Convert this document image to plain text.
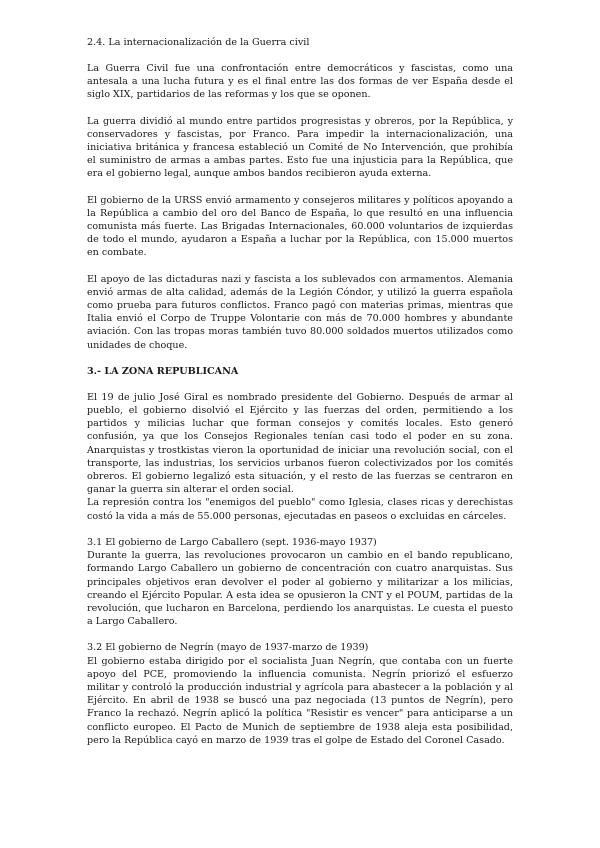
2.4. La internacionalización de la Guerra civil

La Guerra Civil fue una confrontación entre democráticos y fascistas, como una antesala a una lucha futura y es el final entre las dos formas de ver España desde el siglo XIX, partidarios de las reformas y los que se oponen.

La guerra dividió al mundo entre partidos progresistas y obreros, por la República, y conservadores y fascistas, por Franco. Para impedir la internacionalización, una iniciativa británica y francesa estableció un Comité de No Intervención, que prohibía el suministro de armas a ambas partes. Esto fue una injusticia para la República, que era el gobierno legal, aunque ambos bandos recibieron ayuda externa.

El gobierno de la URSS envió armamento y consejeros militares y políticos apoyando a la República a cambio del oro del Banco de España, lo que resultó en una influencia comunista más fuerte. Las Brigadas Internacionales, 60.000 voluntarios de izquierdas de todo el mundo, ayudaron a España a luchar por la República, con 15.000 muertos en combate.

El apoyo de las dictaduras nazi y fascista a los sublevados con armamentos. Alemania envió armas de alta calidad, además de la Legión Cóndor, y utilizó la guerra española como prueba para futuros conflictos. Franco pagó con materias primas, mientras que Italia envió el Corpo de Truppe Volontarie con más de 70.000 hombres y abundante aviación. Con las tropas moras también tuvo 80.000 soldados muertos utilizados como unidades de choque.

3.- LA ZONA REPUBLICANA

El 19 de julio José Giral es nombrado presidente del Gobierno. Después de armar al pueblo, el gobierno disolvió el Ejército y las fuerzas del orden, permitiendo a los partidos y milicias luchar que forman consejos y comités locales. Esto generó confusión, ya que los Consejos Regionales tenían casi todo el poder en su zona. Anarquistas y trostkistas vieron la oportunidad de iniciar una revolución social, con el transporte, las industrias, los servicios urbanos fueron colectivizados por los comités obreros. El gobierno legalizó esta situación, y el resto de las fuerzas se centraron en ganar la guerra sin alterar el orden social.

La represión contra los "enemigos del pueblo" como Iglesia, clases ricas y derechistas costó la vida a más de 55.000 personas, ejecutadas en paseos o excluidas en cárceles.

3.1 El gobierno de Largo Caballero (sept. 1936-mayo 1937)

Durante la guerra, las revoluciones provocaron un cambio en el bando republicano, formando Largo Caballero un gobierno de concentración con cuatro anarquistas. Sus principales objetivos eran devolver el poder al gobierno y militarizar a los milicias, creando el Ejército Popular. A esta idea se opusieron la CNT y el POUM, partidas de la revolución, que lucharon en Barcelona, perdiendo los anarquistas. Le cuesta el puesto a Largo Caballero.

3.2 El gobierno de Negrín (mayo de 1937-marzo de 1939)

El gobierno estaba dirigido por el socialista Juan Negrín, que contaba con un fuerte apoyo del PCE, promoviendo la influencia comunista. Negrín priorizó el esfuerzo militar y controló la producción industrial y agrícola para abastecer a la población y al Ejército. En abril de 1938 se buscó una paz negociada (13 puntos de Negrín), pero Franco la rechazó. Negrín aplicó la política "Resistir es vencer" para anticiparse a un conflicto europeo. El Pacto de Munich de septiembre de 1938 aleja esta posibilidad, pero la República cayó en marzo de 1939 tras el golpe de Estado del Coronel Casado.
